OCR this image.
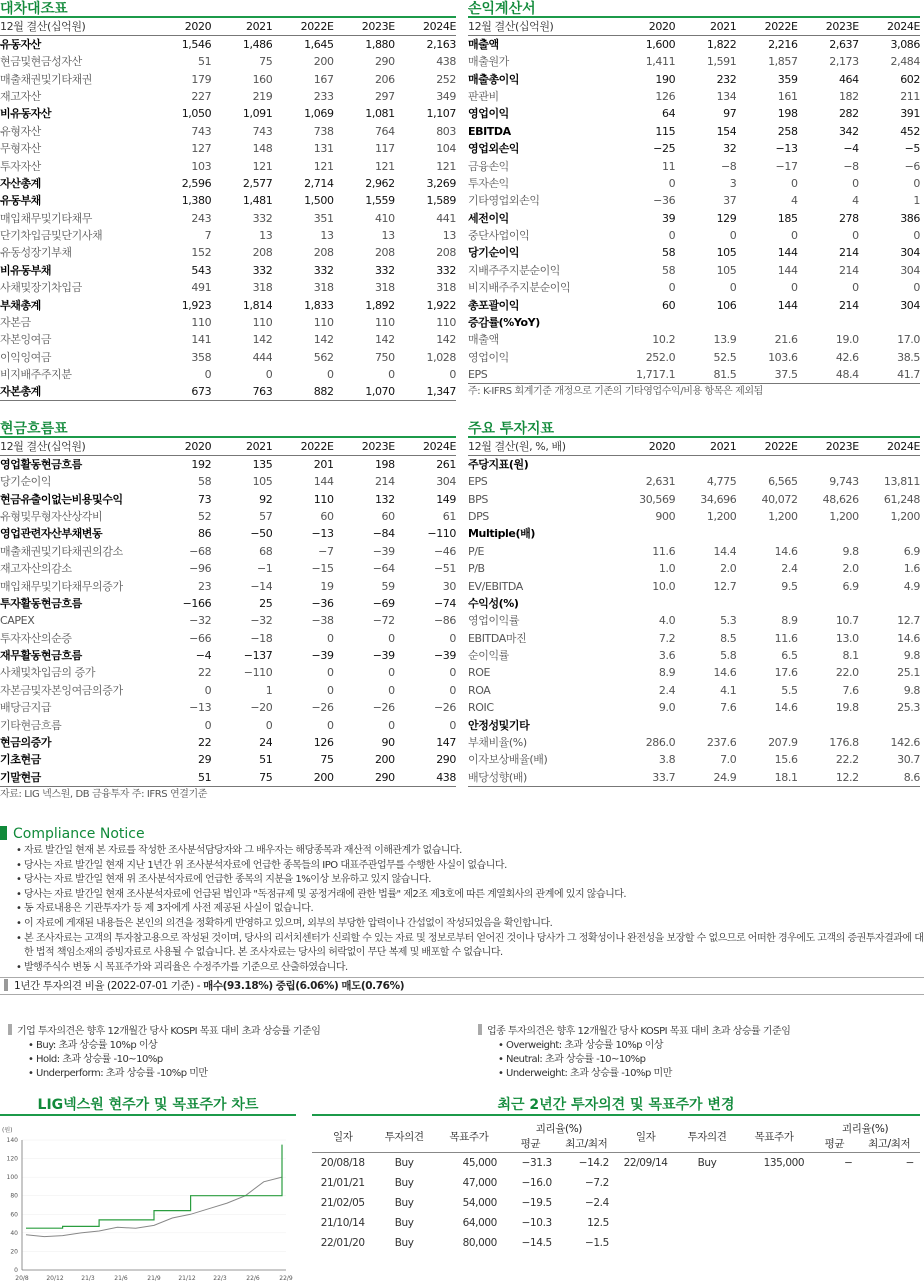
대차대조표
12월 결산(십억원)	2020	2021	2022E	2023E	2024E
유동자산	1,546	1,486	1,645	1,880	2,163
현금및현금성자산	51	75	200	290	438
매출채권및기타채권	179	160	167	206	252
재고자산	227	219	233	297	349
비유동자산	1,050	1,091	1,069	1,081	1,107
유형자산	743	743	738	764	803
무형자산	127	148	131	117	104
투자자산	103	121	121	121	121
자산총계	2,596	2,577	2,714	2,962	3,269
유동부채	1,380	1,481	1,500	1,559	1,589
매입채무및기타채무	243	332	351	410	441
단기차입금및단기사채	7	13	13	13	13
유동성장기부채	152	208	208	208	208
비유동부채	543	332	332	332	332
사채및장기차입금	491	318	318	318	318
부채총계	1,923	1,814	1,833	1,892	1,922
자본금	110	110	110	110	110
자본잉여금	141	142	142	142	142
이익잉여금	358	444	562	750	1,028
비지배주주지분	0	0	0	0	0
자본총계	673	763	882	1,070	1,347
손익계산서
12월 결산(십억원)	2020	2021	2022E	2023E	2024E
매출액	1,600	1,822	2,216	2,637	3,086
매출원가	1,411	1,591	1,857	2,173	2,484
매출총이익	190	232	359	464	602
판관비	126	134	161	182	211
영업이익	64	97	198	282	391
EBITDA	115	154	258	342	452
영업외손익	−25	32	−13	−4	−5
금융손익	11	−8	−17	−8	−6
투자손익	0	3	0	0	0
기타영업외손익	−36	37	4	4	1
세전이익	39	129	185	278	386
중단사업이익	0	0	0	0	0
당기순이익	58	105	144	214	304
지배주주지분순이익	58	105	144	214	304
비지배주주지분순이익	0	0	0	0	0
총포괄이익	60	106	144	214	304
증감률(%YoY)					
매출액	10.2	13.9	21.6	19.0	17.0
영업이익	252.0	52.5	103.6	42.6	38.5
EPS	1,717.1	81.5	37.5	48.4	41.7
주: K-IFRS 회계기준 개정으로 기존의 기타영업수익/비용 항목은 제외됨
현금흐름표
12월 결산(십억원)	2020	2021	2022E	2023E	2024E
영업활동현금흐름	192	135	201	198	261
당기순이익	58	105	144	214	304
현금유출이없는비용및수익	73	92	110	132	149
유형및무형자산상각비	52	57	60	60	61
영업관련자산부채변동	86	−50	−13	−84	−110
매출채권및기타채권의감소	−68	68	−7	−39	−46
재고자산의감소	−96	−1	−15	−64	−51
매입채무및기타채무의증가	23	−14	19	59	30
투자활동현금흐름	−166	25	−36	−69	−74
CAPEX	−32	−32	−38	−72	−86
투자자산의순증	−66	−18	0	0	0
재무활동현금흐름	−4	−137	−39	−39	−39
사채및차입금의 증가	22	−110	0	0	0
자본금및자본잉여금의증가	0	1	0	0	0
배당금지급	−13	−20	−26	−26	−26
기타현금흐름	0	0	0	0	0
현금의증가	22	24	126	90	147
기초현금	29	51	75	200	290
기말현금	51	75	200	290	438
자료: LIG 넥스원, DB 금융투자 주: IFRS 연결기준
주요 투자지표
12월 결산(원, %, 배)	2020	2021	2022E	2023E	2024E
주당지표(원)					
EPS	2,631	4,775	6,565	9,743	13,811
BPS	30,569	34,696	40,072	48,626	61,248
DPS	900	1,200	1,200	1,200	1,200
Multiple(배)					
P/E	11.6	14.4	14.6	9.8	6.9
P/B	1.0	2.0	2.4	2.0	1.6
EV/EBITDA	10.0	12.7	9.5	6.9	4.9
수익성(%)					
영업이익률	4.0	5.3	8.9	10.7	12.7
EBITDA마진	7.2	8.5	11.6	13.0	14.6
순이익률	3.6	5.8	6.5	8.1	9.8
ROE	8.9	14.6	17.6	22.0	25.1
ROA	2.4	4.1	5.5	7.6	9.8
ROIC	9.0	7.6	14.6	19.8	25.3
안정성및기타					
부채비율(%)	286.0	237.6	207.9	176.8	142.6
이자보상배율(배)	3.8	7.0	15.6	22.2	30.7
배당성향(배)	33.7	24.9	18.1	12.2	8.6
Compliance Notice
• 자료 발간일 현재 본 자료를 작성한 조사분석담당자와 그 배우자는 해당종목과 재산적 이해관계가 없습니다.
• 당사는 자료 발간일 현재 지난 1년간 위 조사분석자료에 언급한 종목들의 IPO 대표주관업무를 수행한 사실이 없습니다.
• 당사는 자료 발간일 현재 위 조사분석자료에 언급한 종목의 지분을 1%이상 보유하고 있지 않습니다.
• 당사는 자료 발간일 현재 조사분석자료에 언급된 법인과 "독점규제 및 공정거래에 관한 법률" 제2조 제3호에 따른 계열회사의 관계에 있지 않습니다.
• 동 자료내용은 기관투자가 등 제 3자에게 사전 제공된 사실이 없습니다.
• 이 자료에 게재된 내용들은 본인의 의견을 정확하게 반영하고 있으며, 외부의 부당한 압력이나 간섭없이 작성되었음을 확인합니다.
• 본 조사자료는 고객의 투자참고용으로 작성된 것이며, 당사의 리서치센터가 신뢰할 수 있는 자료 및 정보로부터 얻어진 것이나 당사가 그 정확성이나 완전성을 보장할 수 없으므로 어떠한 경우에도 고객의 증권투자결과에 대한 법적 책임소재의 증빙자료로 사용될 수 없습니다. 본 조사자료는 당사의 허락없이 무단 복제 및 배포할 수 없습니다.
• 발행주식수 변동 시 목표주가와 괴리율은 수정주가를 기준으로 산출하였습니다.
1년간 투자의견 비율 (2022-07-01 기준) - 매수(93.18%) 중립(6.06%) 매도(0.76%)
기업 투자의견은 향후 12개월간 당사 KOSPI 목표 대비 초과 상승률 기준임
• Buy: 초과 상승률 10%p 이상
• Hold: 초과 상승률 -10~10%p
• Underperform: 초과 상승률 -10%p 미만
업종 투자의견은 향후 12개월간 당사 KOSPI 목표 대비 초과 상승률 기준임
• Overweight: 초과 상승률 10%p 이상
• Neutral: 초과 상승률 -10~10%p
• Underweight: 초과 상승률 -10%p 미만
LIG넥스원 현주가 및 목표주가 차트
(원)
0
20
40
60
80
100
120
140
20/8	20/12	21/3	21/6	21/9	21/12	22/3	22/6	22/9
최근 2년간 투자의견 및 목표주가 변경
일자	투자의견	목표주가	괴리율(%)		일자	투자의견	목표주가	괴리율(%)	
			평균	최고/최저				평균	최고/최저
20/08/18	Buy	45,000	−31.3	−14.2	22/09/14	Buy	135,000	−	−
21/01/21	Buy	47,000	−16.0	−7.2					
21/02/05	Buy	54,000	−19.5	−2.4					
21/10/14	Buy	64,000	−10.3	12.5					
22/01/20	Buy	80,000	−14.5	−1.5					
